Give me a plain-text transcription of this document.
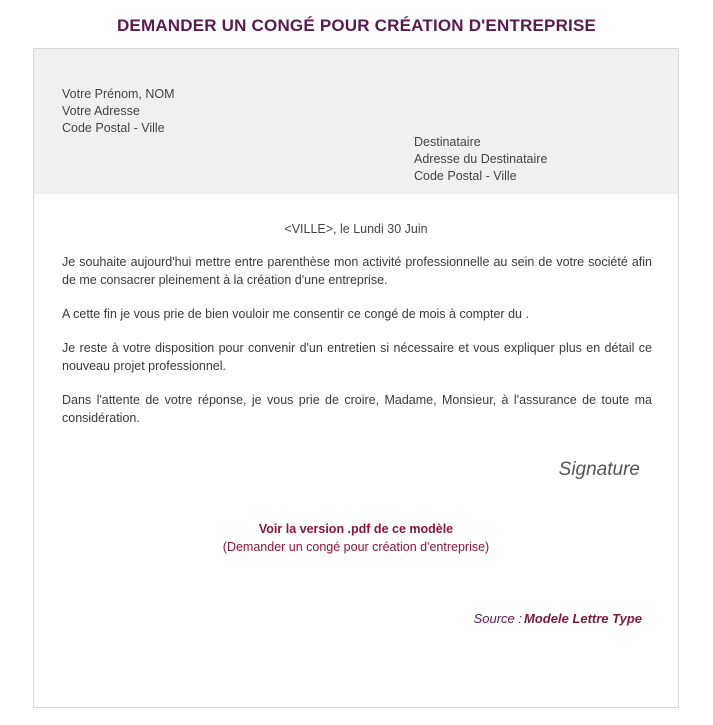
DEMANDER UN CONGÉ POUR CRÉATION D'ENTREPRISE
Votre Prénom, NOM
Votre Adresse
Code Postal - Ville
Destinataire
Adresse du Destinataire
Code Postal - Ville
<VILLE>, le Lundi 30 Juin

Je souhaite aujourd'hui mettre entre parenthèse mon activité professionnelle au sein de votre société afin de me consacrer pleinement à la création d'une entreprise.

A cette fin je vous prie de bien vouloir me consentir ce congé de mois à compter du .

Je reste à votre disposition pour convenir d'un entretien si nécessaire et vous expliquer plus en détail ce nouveau projet professionnel.

Dans l'attente de votre réponse, je vous prie de croire, Madame, Monsieur, à l'assurance de toute ma considération.

Signature
Voir la version .pdf de ce modèle
(Demander un congé pour création d'entreprise)
Source : Modele Lettre Type
